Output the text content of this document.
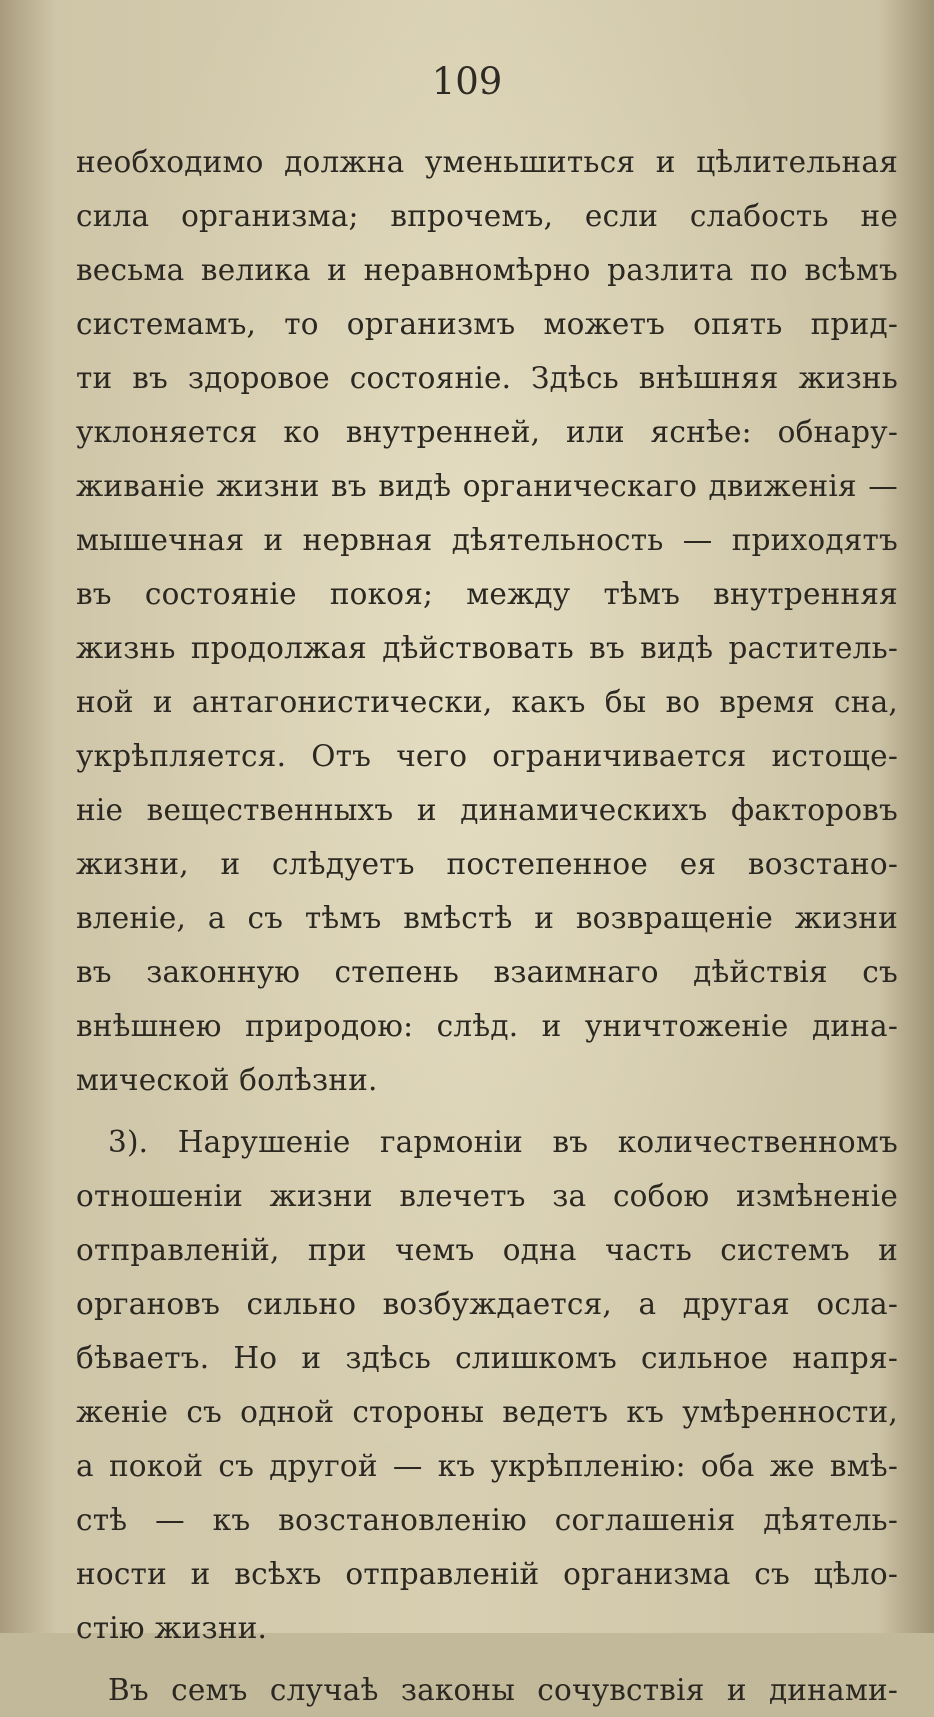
109
необходимо должна уменьшиться и цѣлительная
сила организма; впрочемъ, если слабость не
весьма велика и неравномѣрно разлита по всѣмъ
системамъ, то организмъ можетъ опять прид-
ти въ здоровое состояніе. Здѣсь внѣшняя жизнь
уклоняется ко внутренней, или яснѣе: обнару-
живаніе жизни въ видѣ органическаго движенія —
мышечная и нервная дѣятельность — приходятъ
въ состояніе покоя; между тѣмъ внутренняя
жизнь продолжая дѣйствовать въ видѣ раститель-
ной и антагонистически, какъ бы во время сна,
укрѣпляется. Отъ чего ограничивается истоще-
ніе вещественныхъ и динамическихъ факторовъ
жизни, и слѣдуетъ постепенное ея возстано-
вленіе, а съ тѣмъ вмѣстѣ и возвращеніе жизни
въ законную степень взаимнаго дѣйствія съ
внѣшнею природою: слѣд. и уничтоженіе дина-
мической болѣзни.
3). Нарушеніе гармоніи въ количественномъ
отношеніи жизни влечетъ за собою измѣненіе
отправленій, при чемъ одна часть системъ и
органовъ сильно возбуждается, а другая осла-
бѣваетъ. Но и здѣсь слишкомъ сильное напря-
женіе съ одной стороны ведетъ къ умѣренности,
а покой съ другой — къ укрѣпленію: оба же вмѣ-
стѣ — къ возстановленію соглашенія дѣятель-
ности и всѣхъ отправленій организма съ цѣло-
стію жизни.
Въ семъ случаѣ законы сочувствія и динами-
